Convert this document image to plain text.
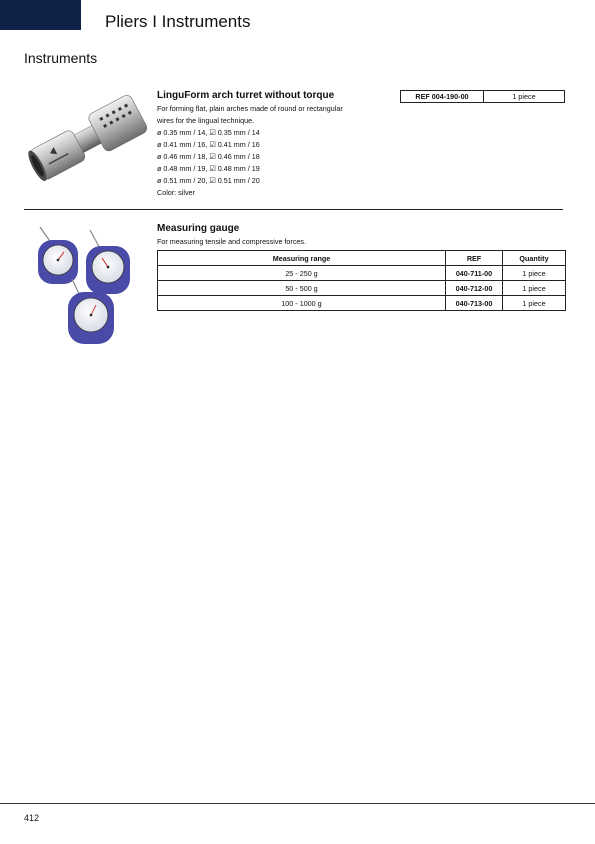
Pliers I Instruments
Instruments
LinguForm arch turret without torque
For forming flat, plain arches made of round or rectangular
wires for the lingual technique.
ø 0.35 mm / 14, ☑ 0.35 mm / 14
ø 0.41 mm / 16, ☑ 0.41 mm / 16
ø 0.46 mm / 18, ☑ 0.46 mm / 18
ø 0.48 mm / 19, ☑ 0.48 mm / 19
ø 0.51 mm / 20, ☑ 0.51 mm / 20
Color: silver
REF 004-190-00	1 piece
Measuring gauge
For measuring tensile and compressive forces.
Measuring range	REF	Quantity
25 - 250 g	040-711-00	1 piece
50 - 500 g	040-712-00	1 piece
100 - 1000 g	040-713-00	1 piece
412
